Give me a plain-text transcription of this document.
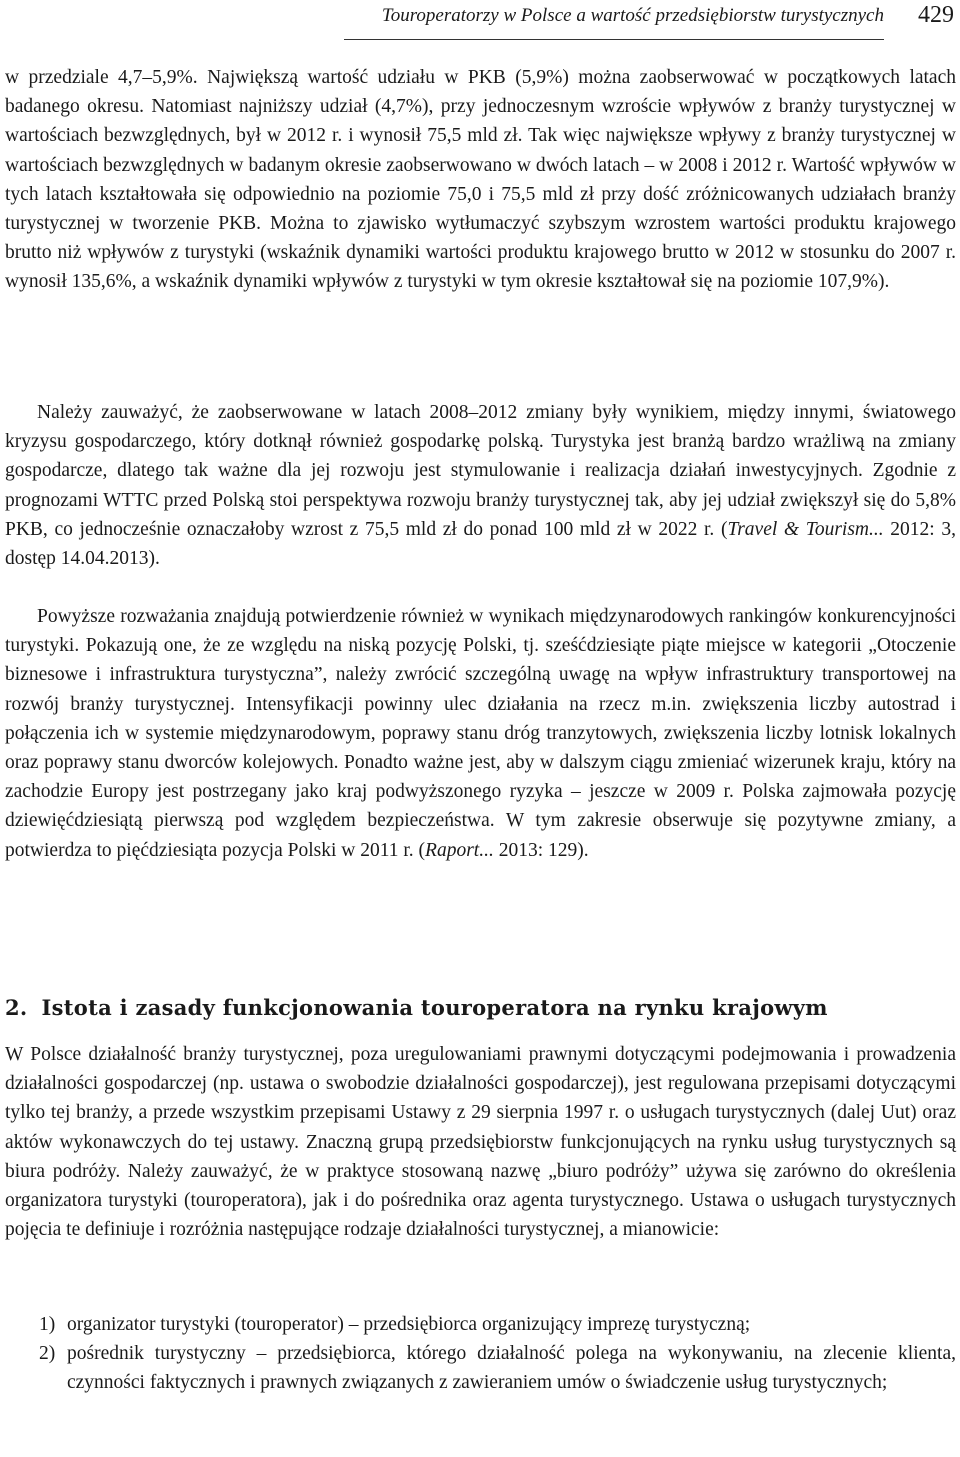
Touroperatorzy w Polsce a wartość przedsiębiorstw turystycznych 429

w przedziale 4,7–5,9%. Największą wartość udziału w PKB (5,9%) można zaobserwować w początkowych latach badanego okresu. Natomiast najniższy udział (4,7%), przy jednoczesnym wzroście wpływów z branży turystycznej w wartościach bezwzględnych, był w 2012 r. i wynosił 75,5 mld zł. Tak więc największe wpływy z branży turystycznej w wartościach bezwzględnych w badanym okresie zaobserwowano w dwóch latach – w 2008 i 2012 r. Wartość wpływów w tych latach kształtowała się odpowiednio na poziomie 75,0 i 75,5 mld zł przy dość zróżnicowanych udziałach branży turystycznej w tworzenie PKB. Można to zjawisko wytłumaczyć szybszym wzrostem wartości produktu krajowego brutto niż wpływów z turystyki (wskaźnik dynamiki wartości produktu krajowego brutto w 2012 w stosunku do 2007 r. wynosił 135,6%, a wskaźnik dynamiki wpływów z turystyki w tym okresie kształtował się na poziomie 107,9%).

Należy zauważyć, że zaobserwowane w latach 2008–2012 zmiany były wynikiem, między innymi, światowego kryzysu gospodarczego, który dotknął również gospodarkę polską. Turystyka jest branżą bardzo wrażliwą na zmiany gospodarcze, dlatego tak ważne dla jej rozwoju jest stymulowanie i realizacja działań inwestycyjnych. Zgodnie z prognozami WTTC przed Polską stoi perspektywa rozwoju branży turystycznej tak, aby jej udział zwiększył się do 5,8% PKB, co jednocześnie oznaczałoby wzrost z 75,5 mld zł do ponad 100 mld zł w 2022 r. (Travel & Tourism... 2012: 3, dostęp 14.04.2013).

Powyższe rozważania znajdują potwierdzenie również w wynikach międzynarodowych rankingów konkurencyjności turystyki. Pokazują one, że ze względu na niską pozycję Polski, tj. sześćdziesiąte piąte miejsce w kategorii „Otoczenie biznesowe i infrastruktura turystyczna”, należy zwrócić szczególną uwagę na wpływ infrastruktury transportowej na rozwój branży turystycznej. Intensyfikacji powinny ulec działania na rzecz m.in. zwiększenia liczby autostrad i połączenia ich w systemie międzynarodowym, poprawy stanu dróg tranzytowych, zwiększenia liczby lotnisk lokalnych oraz poprawy stanu dworców kolejowych. Ponadto ważne jest, aby w dalszym ciągu zmieniać wizerunek kraju, który na zachodzie Europy jest postrzegany jako kraj podwyższonego ryzyka – jeszcze w 2009 r. Polska zajmowała pozycję dziewięćdziesiątą pierwszą pod względem bezpieczeństwa. W tym zakresie obserwuje się pozytywne zmiany, a potwierdza to pięćdziesiąta pozycja Polski w 2011 r. (Raport... 2013: 129).

2. Istota i zasady funkcjonowania touroperatora na rynku krajowym

W Polsce działalność branży turystycznej, poza uregulowaniami prawnymi dotyczącymi podejmowania i prowadzenia działalności gospodarczej (np. ustawa o swobodzie działalności gospodarczej), jest regulowana przepisami dotyczącymi tylko tej branży, a przede wszystkim przepisami Ustawy z 29 sierpnia 1997 r. o usługach turystycznych (dalej Uut) oraz aktów wykonawczych do tej ustawy. Znaczną grupą przedsiębiorstw funkcjonujących na rynku usług turystycznych są biura podróży. Należy zauważyć, że w praktyce stosowaną nazwę „biuro podróży” używa się zarówno do określenia organizatora turystyki (touroperatora), jak i do pośrednika oraz agenta turystycznego. Ustawa o usługach turystycznych pojęcia te definiuje i rozróżnia następujące rodzaje działalności turystycznej, a mianowicie:

1) organizator turystyki (touroperator) – przedsiębiorca organizujący imprezę turystyczną;
2) pośrednik turystyczny – przedsiębiorca, którego działalność polega na wykonywaniu, na zlecenie klienta, czynności faktycznych i prawnych związanych z zawieraniem umów o świadczenie usług turystycznych;
